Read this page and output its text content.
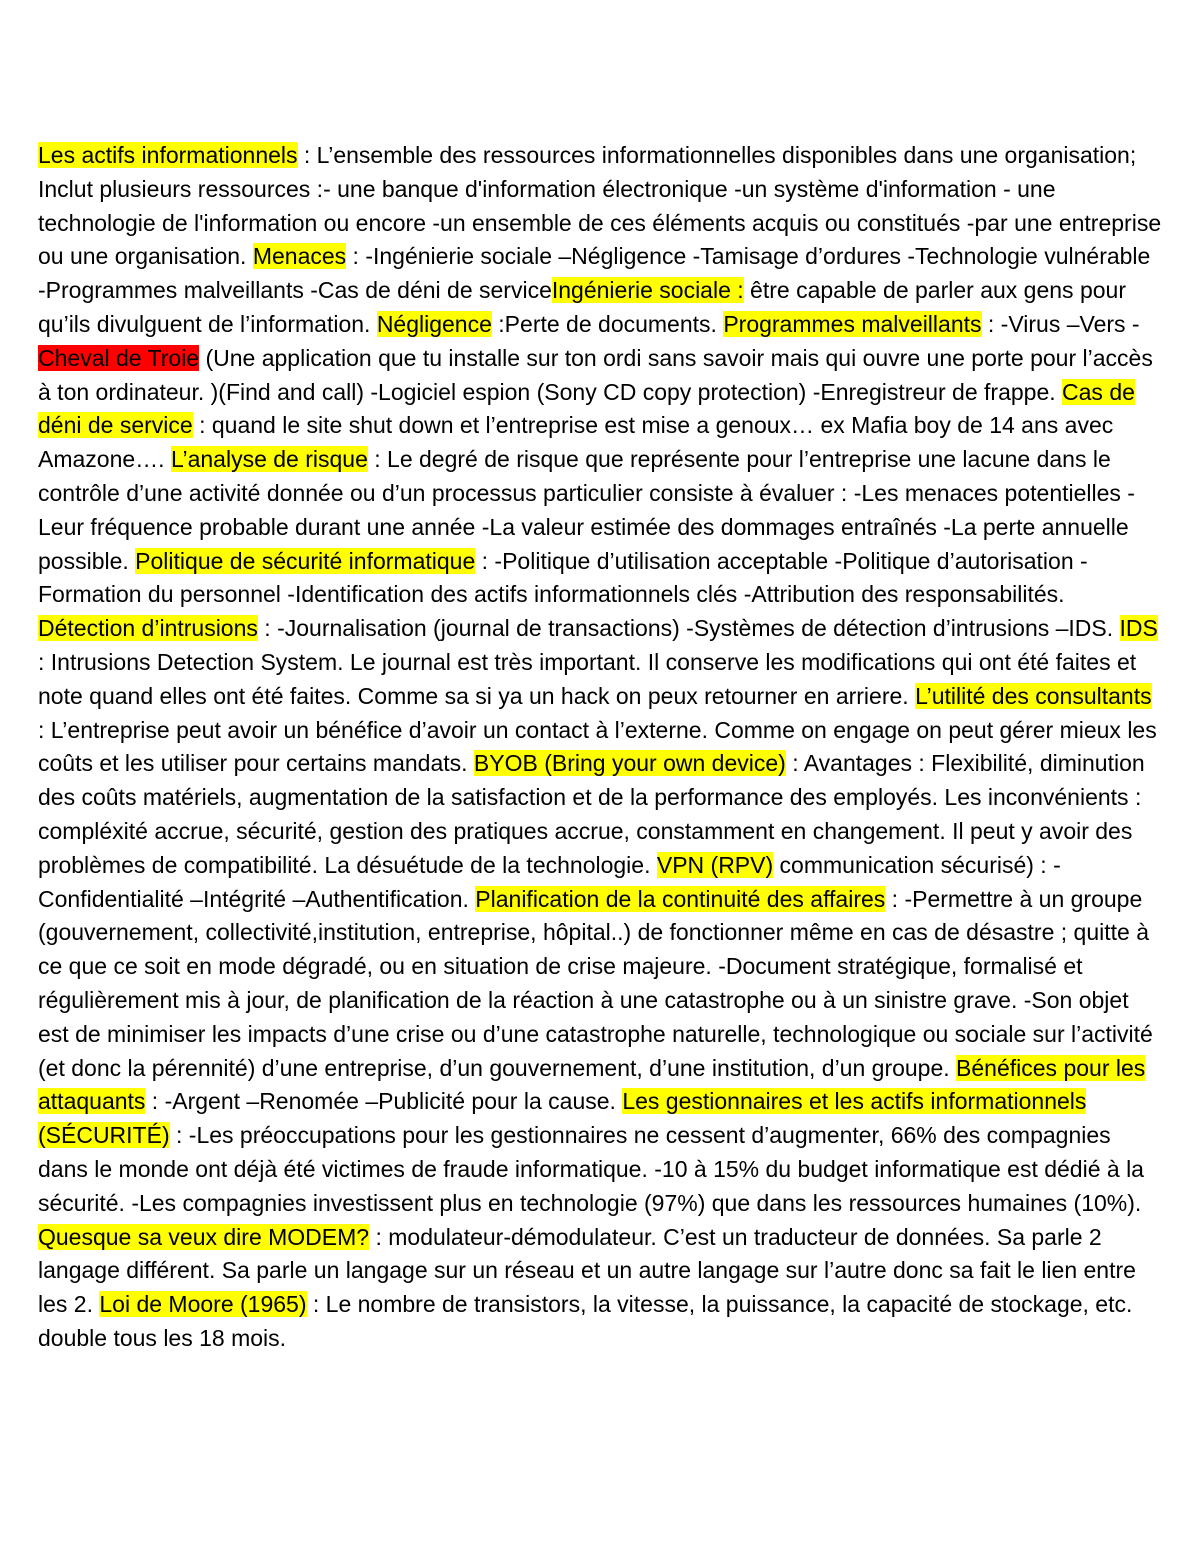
Les actifs informationnels : L’ensemble des ressources informationnelles disponibles dans une organisation; Inclut plusieurs ressources :- une banque d'information électronique -un système d'information - une technologie de l'information ou encore -un ensemble de ces éléments acquis ou constitués -par une entreprise ou une organisation. Menaces : -Ingénierie sociale –Négligence -Tamisage d’ordures -Technologie vulnérable -Programmes malveillants -Cas de déni de serviceIngénierie sociale : être capable de parler aux gens pour qu’ils divulguent de l’information. Négligence :Perte de documents. Programmes malveillants : -Virus –Vers -Cheval de Troie (Une application que tu installe sur ton ordi sans savoir mais qui ouvre une porte pour l’accès à ton ordinateur. )(Find and call) -Logiciel espion (Sony CD copy protection) -Enregistreur de frappe. Cas de déni de service : quand le site shut down et l’entreprise est mise a genoux… ex Mafia boy de 14 ans avec Amazone…. L’analyse de risque : Le degré de risque que représente pour l’entreprise une lacune dans le contrôle d’une activité donnée ou d’un processus particulier consiste à évaluer : -Les menaces potentielles -Leur fréquence probable durant une année -La valeur estimée des dommages entraînés -La perte annuelle possible. Politique de sécurité informatique : -Politique d’utilisation acceptable -Politique d’autorisation -Formation du personnel -Identification des actifs informationnels clés -Attribution des responsabilités. Détection d’intrusions : -Journalisation (journal de transactions) -Systèmes de détection d’intrusions –IDS. IDS : Intrusions Detection System. Le journal est très important. Il conserve les modifications qui ont été faites et note quand elles ont été faites. Comme sa si ya un hack on peux retourner en arriere. L’utilité des consultants : L’entreprise peut avoir un bénéfice d’avoir un contact à l’externe. Comme on engage on peut gérer mieux les coûts et les utiliser pour certains mandats. BYOB (Bring your own device) : Avantages : Flexibilité, diminution des coûts matériels, augmentation de la satisfaction et de la performance des employés. Les inconvénients : compléxité accrue, sécurité, gestion des pratiques accrue, constamment en changement. Il peut y avoir des problèmes de compatibilité. La désuétude de la technologie. VPN (RPV) communication sécurisé) : -Confidentialité –Intégrité –Authentification. Planification de la continuité des affaires : -Permettre à un groupe (gouvernement, collectivité,institution, entreprise, hôpital..) de fonctionner même en cas de désastre ; quitte à ce que ce soit en mode dégradé, ou en situation de crise majeure. -Document stratégique, formalisé et régulièrement mis à jour, de planification de la réaction à une catastrophe ou à un sinistre grave. -Son objet est de minimiser les impacts d’une crise ou d’une catastrophe naturelle, technologique ou sociale sur l’activité (et donc la pérennité) d’une entreprise, d’un gouvernement, d’une institution, d’un groupe. Bénéfices pour les attaquants : -Argent –Renomée –Publicité pour la cause. Les gestionnaires et les actifs informationnels (SÉCURITÉ) : -Les préoccupations pour les gestionnaires ne cessent d’augmenter, 66% des compagnies dans le monde ont déjà été victimes de fraude informatique. -10 à 15% du budget informatique est dédié à la sécurité. -Les compagnies investissent plus en technologie (97%) que dans les ressources humaines (10%). Quesque sa veux dire MODEM? : modulateur-démodulateur. C’est un traducteur de données. Sa parle 2 langage différent. Sa parle un langage sur un réseau et un autre langage sur l’autre donc sa fait le lien entre les 2. Loi de Moore (1965) : Le nombre de transistors, la vitesse, la puissance, la capacité de stockage, etc. double tous les 18 mois.
